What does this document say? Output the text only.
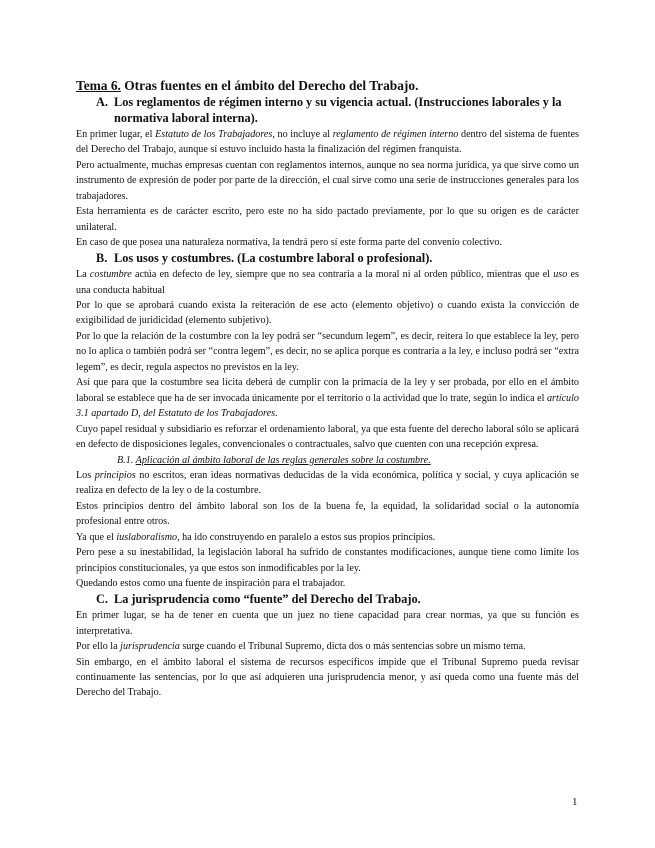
Tema 6. Otras fuentes en el ámbito del Derecho del Trabajo.

A. Los reglamentos de régimen interno y su vigencia actual. (Instrucciones laborales y la normativa laboral interna).

En primer lugar, el Estatuto de los Trabajadores, no incluye al reglamento de régimen interno dentro del sistema de fuentes del Derecho del Trabajo, aunque sí estuvo incluido hasta la finalización del régimen franquista.

Pero actualmente, muchas empresas cuentan con reglamentos internos, aunque no sea norma jurídica, ya que sirve como un instrumento de expresión de poder por parte de la dirección, el cual sirve como una serie de instrucciones generales para los trabajadores.

Esta herramienta es de carácter escrito, pero este no ha sido pactado previamente, por lo que su origen es de carácter unilateral.

En caso de que posea una naturaleza normativa, la tendrá pero sí este forma parte del convenio colectivo.

B. Los usos y costumbres. (La costumbre laboral o profesional).

La costumbre actúa en defecto de ley, siempre que no sea contraria a la moral ni al orden público, mientras que el uso es una conducta habitual

Por lo que se aprobará cuando exista la reiteración de ese acto (elemento objetivo) o cuando exista la convicción de exigibilidad de juridicidad (elemento subjetivo).

Por lo que la relación de la costumbre con la ley podrá ser “secundum legem”, es decir, reitera lo que establece la ley, pero no lo aplica o también podrá ser “contra legem”, es decir, no se aplica porque es contraria a la ley, e incluso podrá ser “extra legem”, es decir, regula aspectos no previstos en la ley.

Así que para que la costumbre sea lícita deberá de cumplir con la primacía de la ley y ser probada, por ello en el ámbito laboral se establece que ha de ser invocada únicamente por el territorio o la actividad que lo trate, según lo indica el artículo 3.1 apartado D, del Estatuto de los Trabajadores.

Cuyo papel residual y subsidiario es reforzar el ordenamiento laboral, ya que esta fuente del derecho laboral sólo se aplicará en defecto de disposiciones legales, convencionales o contractuales, salvo que cuenten con una recepción expresa.

B.1. Aplicación al ámbito laboral de las reglas generales sobre la costumbre.

Los principios no escritos, eran ideas normativas deducidas de la vida económica, política y social, y cuya aplicación se realiza en defecto de la ley o de la costumbre.

Estos principios dentro del ámbito laboral son los de la buena fe, la equidad, la solidaridad social o la autonomía profesional entre otros.

Ya que el iuslaboralismo, ha ido construyendo en paralelo a estos sus propios principios.

Pero pese a su inestabilidad, la legislación laboral ha sufrido de constantes modificaciones, aunque tiene como límite los principios constitucionales, ya que estos son inmodificables por la ley.

Quedando estos como una fuente de inspiración para el trabajador.

C. La jurisprudencia como “fuente” del Derecho del Trabajo.

En primer lugar, se ha de tener en cuenta que un juez no tiene capacidad para crear normas, ya que su función es interpretativa.

Por ello la jurisprudencia surge cuando el Tribunal Supremo, dicta dos o más sentencias sobre un mismo tema.

Sin embargo, en el ámbito laboral el sistema de recursos específicos impide que el Tribunal Supremo pueda revisar continuamente las sentencias, por lo que así adquieren una jurisprudencia menor, y así queda como una fuente más del Derecho del Trabajo.

1
